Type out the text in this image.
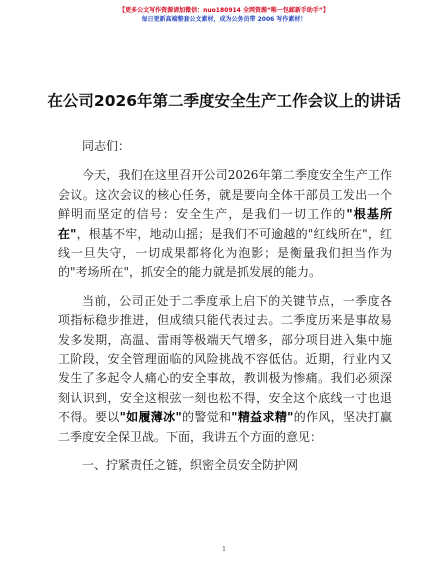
【更多公文写作资源请加微信：nuo180914 全网资源“唯一包邮新手助手”】
每日更新高端整套公文素材，成为公务员带 2006 写作素材！
在公司2026年第二季度安全生产工作会议上的讲话

同志们：

今天，我们在这里召开公司2026年第二季度安全生产工作会议。这次会议的核心任务，就是要向全体干部员工发出一个鲜明而坚定的信号：安全生产，是我们一切工作的"根基所在"，根基不牢，地动山摇；是我们不可逾越的"红线所在"，红线一旦失守，一切成果都将化为泡影；是衡量我们担当作为的"考场所在"，抓安全的能力就是抓发展的能力。

当前，公司正处于二季度承上启下的关键节点，一季度各项指标稳步推进，但成绩只能代表过去。二季度历来是事故易发多发期，高温、雷雨等极端天气增多，部分项目进入集中施工阶段，安全管理面临的风险挑战不容低估。近期，行业内又发生了多起令人痛心的安全事故，教训极为惨痛。我们必须深刻认识到，安全这根弦一刻也松不得，安全这个底线一寸也退不得。要以"如履薄冰"的警觉和"精益求精"的作风，坚决打赢二季度安全保卫战。下面，我讲五个方面的意见：

一、拧紧责任之链，织密全员安全防护网

1
